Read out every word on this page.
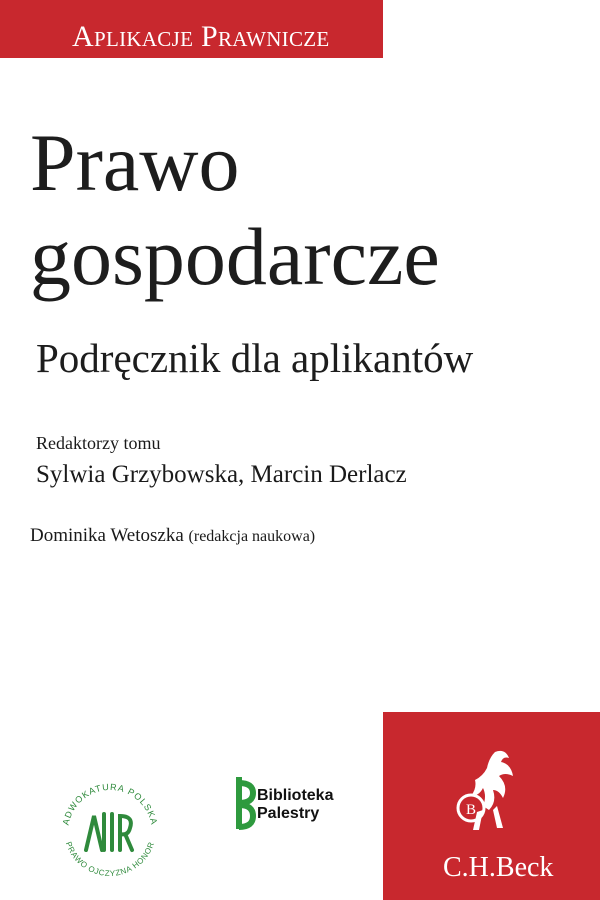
Aplikacje Prawnicze
Prawo
gospodarcze
Podręcznik dla aplikantów
Redaktorzy tomu
Sylwia Grzybowska, Marcin Derlacz
Dominika Wetoszka (redakcja naukowa)
ADWOKATURA POLSKA
PRAWO OJCZYZNA HONOR
Biblioteka
Palestry	B
C.H.Beck
